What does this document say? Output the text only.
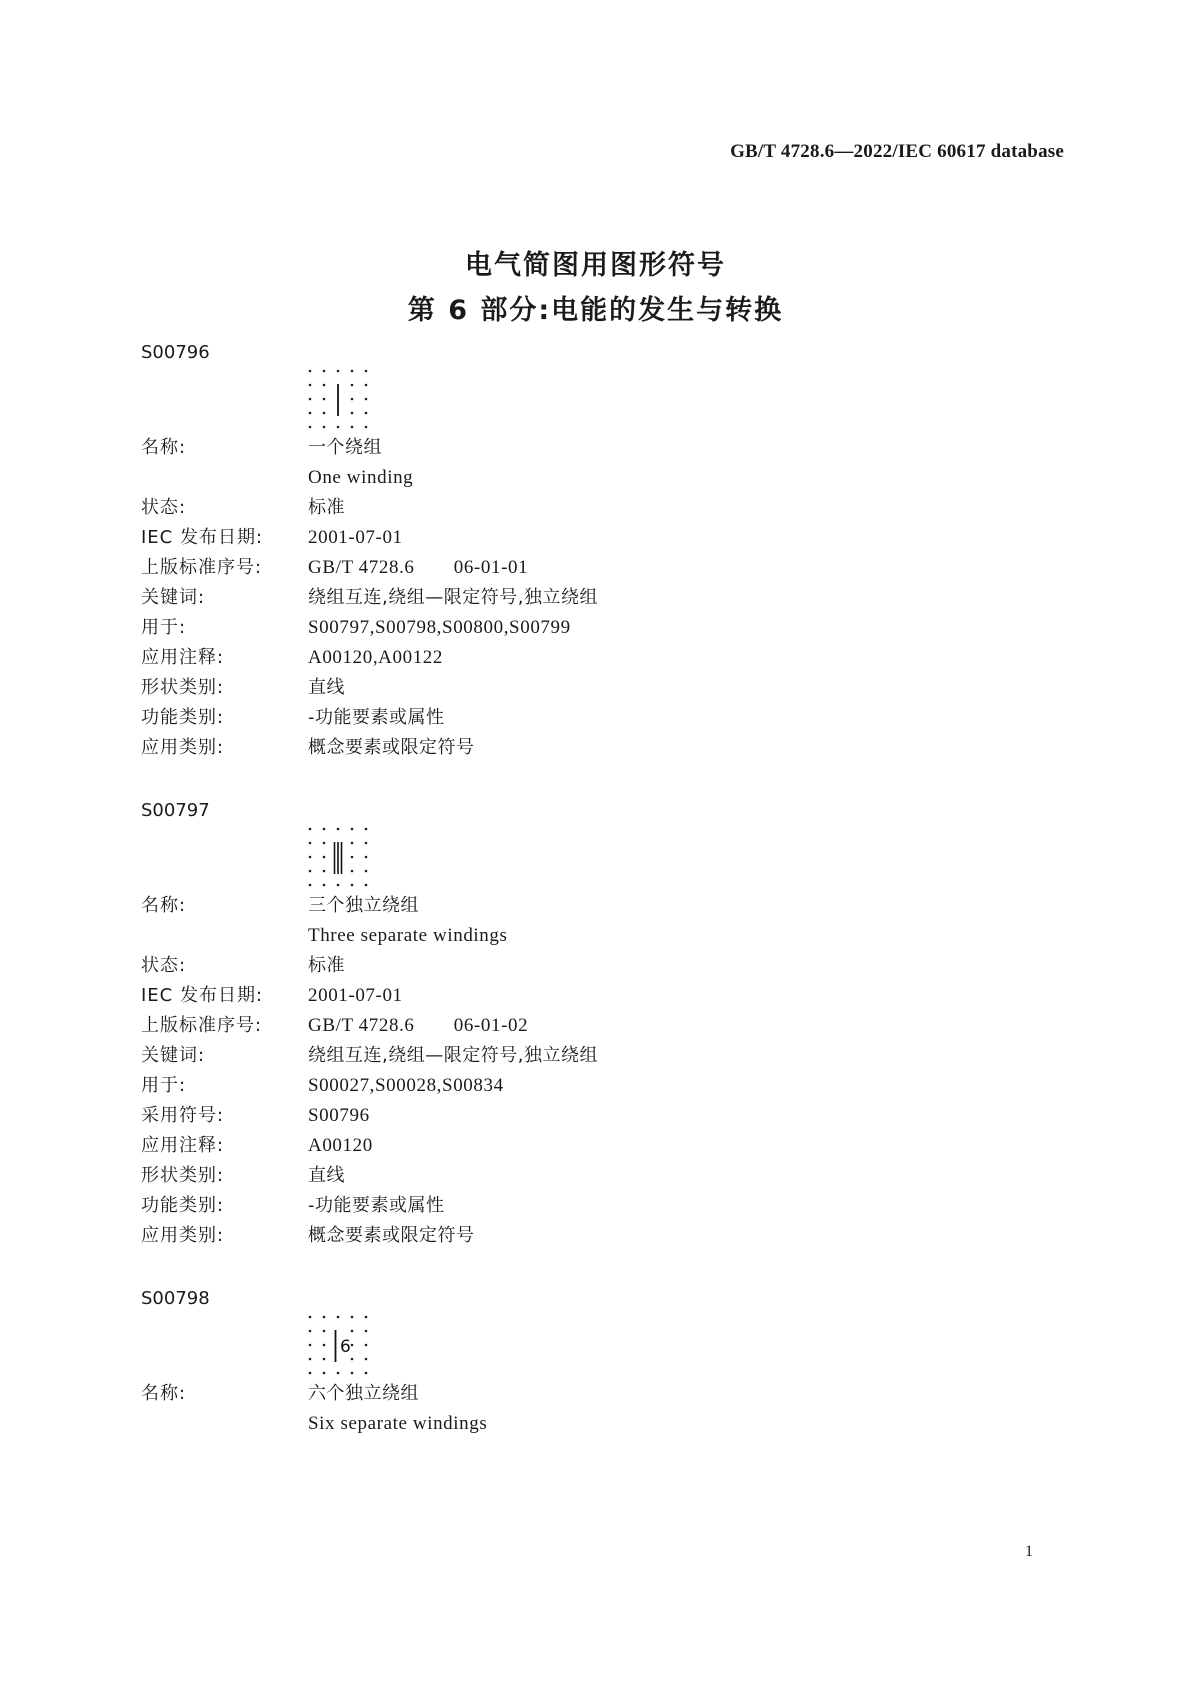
GB/T 4728.6—2022/IEC 60617 database
电气简图用图形符号
第 6 部分:电能的发生与转换
S00796
名称:	一个绕组
One winding
状态:	标准
IEC 发布日期: 2001-07-01
上版标准序号: GB/T 4728.6　　06-01-01
关键词:	绕组互连,绕组—限定符号,独立绕组
用于:	S00797,S00798,S00800,S00799
应用注释:	A00120,A00122
形状类别:	直线
功能类别:	-功能要素或属性
应用类别:	概念要素或限定符号
S00797
名称:	三个独立绕组
Three separate windings
状态:	标准
IEC 发布日期: 2001-07-01
上版标准序号: GB/T 4728.6　　06-01-02
关键词:	绕组互连,绕组—限定符号,独立绕组
用于:	S00027,S00028,S00834
采用符号:	S00796
应用注释:	A00120
形状类别:	直线
功能类别:	-功能要素或属性
应用类别:	概念要素或限定符号
S00798
6
名称:	六个独立绕组
Six separate windings
1
